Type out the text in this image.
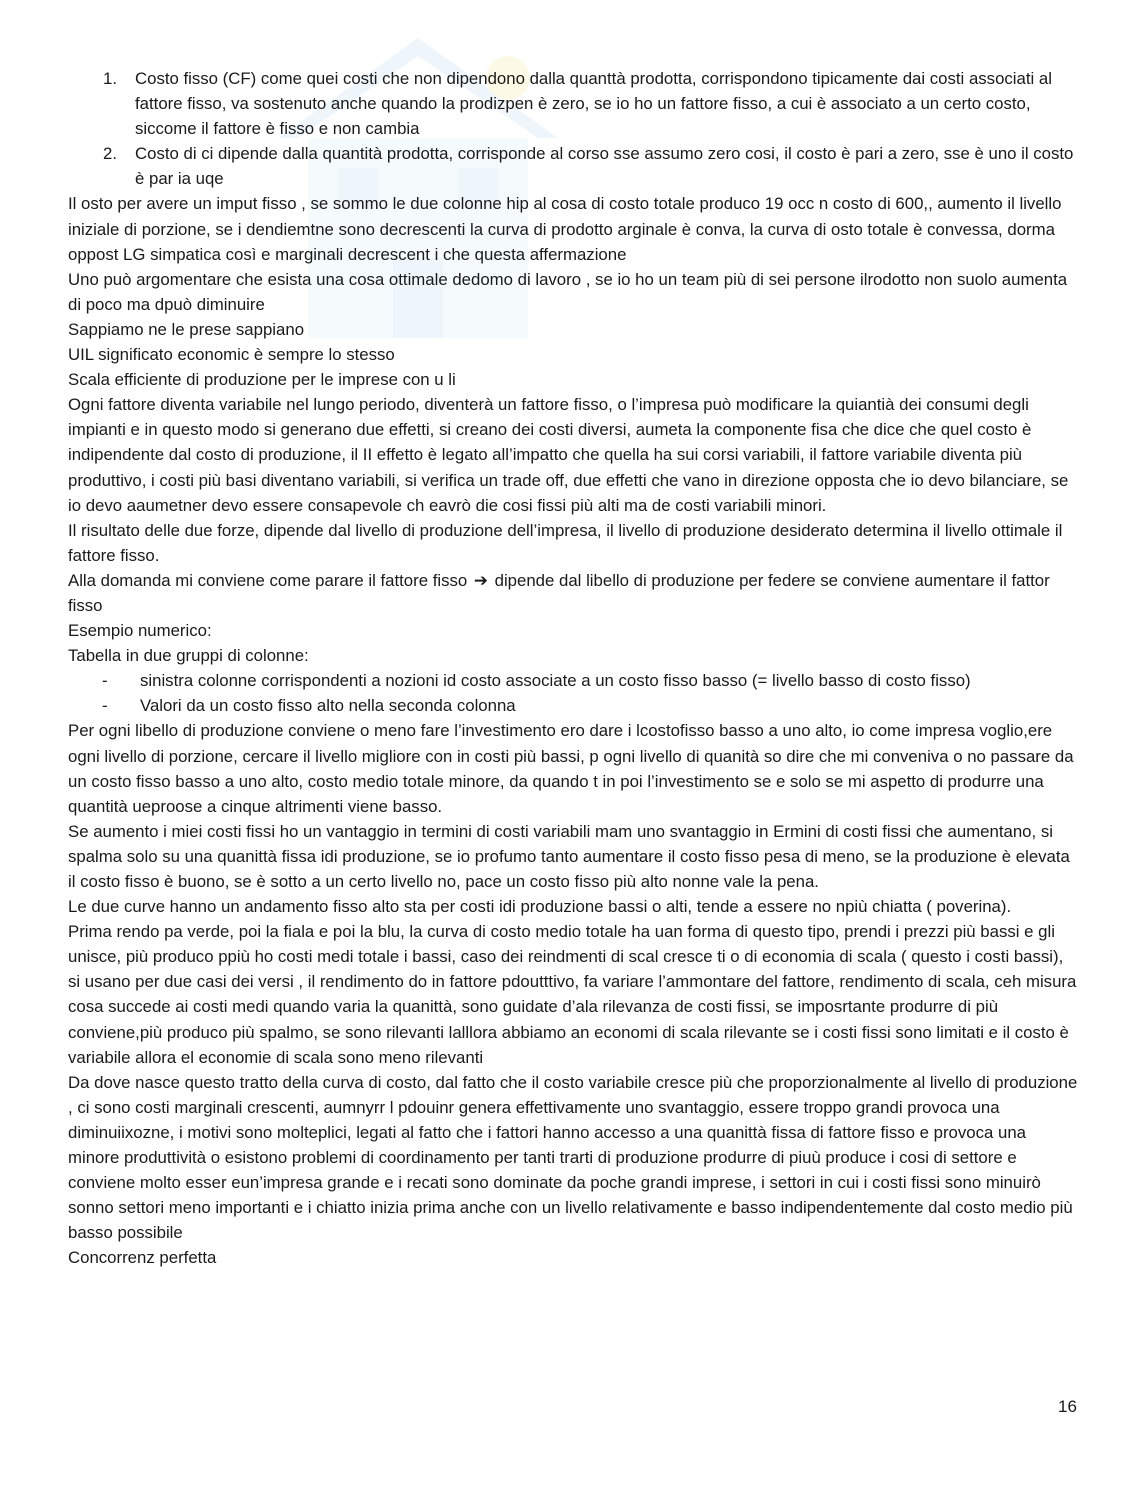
1. Costo fisso (CF) come quei costi che non dipendono dalla quanttà prodotta, corrispondono tipicamente dai costi associati al fattore fisso, va sostenuto anche quando la prodizpen è zero, se io ho un fattore fisso, a cui è associato a un certo costo, siccome il fattore è fisso e non cambia
2. Costo di ci dipende dalla quantità prodotta, corrisponde al corso sse assumo zero cosi, il costo è pari a zero, sse è uno il costo è par ia uqe

Il osto per avere un imput fisso , se sommo le due colonne hip al cosa di costo totale produco 19 occ n costo di 600,, aumento il livello iniziale di porzione, se i dendiemtne sono decrescenti la curva di prodotto arginale è conva, la curva di osto totale è convessa, dorma oppost LG simpatica così e marginali decrescent i che questa affermazione

Uno può argomentare che esista una cosa ottimale dedomo di lavoro , se io ho un team più di sei persone ilrodotto non suolo aumenta di poco ma dpuò diminuire

Sappiamo ne le prese sappiano

UIL significato economic è sempre lo stesso

Scala efficiente di produzione per le imprese con u li

Ogni fattore diventa variabile nel lungo periodo, diventerà un fattore fisso, o l’impresa può modificare la quiantià dei consumi degli impianti e in questo modo si generano due effetti, si creano dei costi diversi, aumeta la componente fisa che dice che quel costo è indipendente dal costo di produzione, il II effetto è legato all’impatto che quella ha sui corsi variabili, il fattore variabile diventa più produttivo, i costi più basi diventano variabili, si verifica un trade off, due effetti che vano in direzione opposta che io devo bilanciare, se io devo aaumetner devo essere consapevole ch eavrò die cosi fissi più alti ma de costi variabili minori.

Il risultato delle due forze, dipende dal livello di produzione dell’impresa, il livello di produzione desiderato determina il livello ottimale il fattore fisso.

Alla domanda mi conviene come parare il fattore fisso ➔ dipende dal libello di produzione per federe se conviene aumentare il fattor fisso

Esempio numerico:

Tabella in due gruppi di colonne:

- sinistra colonne corrispondenti a nozioni id costo associate a un costo fisso basso (= livello basso di costo fisso)
- Valori da un costo fisso alto nella seconda colonna

Per ogni libello di produzione conviene o meno fare l’investimento ero dare i lcostofisso basso a uno alto, io come impresa voglio,ere ogni livello di porzione, cercare il livello migliore con in costi più bassi, p ogni livello di quanità so dire che mi conveniva o no passare da un costo fisso basso a uno alto, costo medio totale minore, da quando t in poi l’investimento se e solo se mi aspetto di produrre una quantità ueproose a cinque altrimenti viene basso.

Se aumento i miei costi fissi ho un vantaggio in termini di costi variabili mam uno svantaggio in Ermini di costi fissi che aumentano, si spalma solo su una quanittà fissa idi produzione, se io profumo tanto aumentare il costo fisso pesa di meno, se la produzione è elevata il costo fisso è buono, se è sotto a un certo livello no, pace un costo fisso più alto nonne vale la pena.

Le due curve hanno un andamento fisso alto sta per costi idi produzione bassi o alti, tende a essere no npiù chiatta ( poverina).

Prima rendo pa verde, poi la fiala e poi la blu, la curva di costo medio totale ha uan forma di questo tipo, prendi i prezzi più bassi e gli unisce, più produco ppiù ho costi medi totale i bassi, caso dei reindmenti di scal cresce ti o di economia di scala ( questo i costi bassi), si usano per due casi dei versi , il rendimento do in fattore pdoutttivo, fa variare l’ammontare del fattore, rendimento di scala, ceh misura cosa succede ai costi medi quando varia la quanittà, sono guidate d’ala rilevanza de costi fissi, se imposrtante produrre di più conviene,più produco più spalmo, se sono rilevanti lalllora abbiamo an economi di scala rilevante se i costi fissi sono limitati e il costo è variabile allora el economie di scala sono meno rilevanti

Da dove nasce questo tratto della curva di costo, dal fatto che il costo variabile cresce più che proporzionalmente al livello di produzione , ci sono costi marginali crescenti, aumnyrr l pdouinr genera effettivamente uno svantaggio, essere troppo grandi provoca una diminuiixozne, i motivi sono molteplici, legati al fatto che i fattori hanno accesso a una quanittà fissa di fattore fisso e provoca una minore produttività o esistono problemi di coordinamento per tanti trarti di produzione produrre di piuù produce i cosi di settore e conviene molto esser eun’impresa grande e i recati sono dominate da poche grandi imprese, i settori in cui i costi fissi sono minuirò sonno settori meno importanti e i chiatto inizia prima anche con un livello relativamente e basso indipendentemente dal costo medio più basso possibile

Concorrenz perfetta

16
